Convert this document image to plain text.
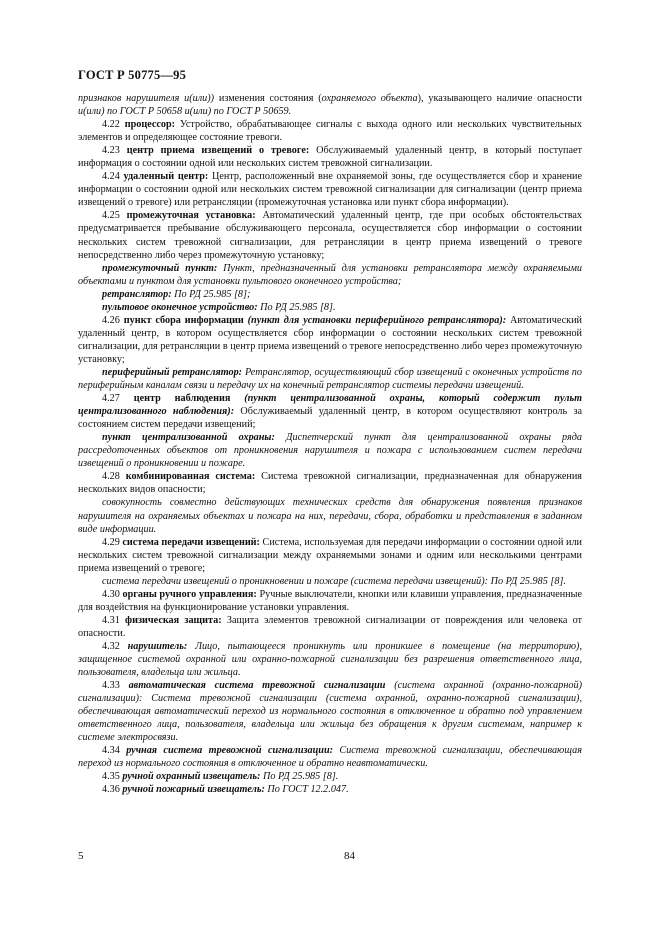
ГОСТ Р 50775—95

признаков нарушителя и(или)) изменения состояния (охраняемого объекта), указывающего наличие опасности и(или) по ГОСТ Р 50658 и(или) по ГОСТ Р 50659.

4.22 процессор: Устройство, обрабатывающее сигналы с выхода одного или нескольких чувствительных элементов и определяющее состояние тревоги.

4.23 центр приема извещений о тревоге: Обслуживаемый удаленный центр, в который поступает информация о состоянии одной или нескольких систем тревожной сигнализации.

4.24 удаленный центр: Центр, расположенный вне охраняемой зоны, где осуществляется сбор и хранение информации о состоянии одной или нескольких систем тревожной сигнализации для сигнализации (центр приема извещений о тревоге) или ретрансляции (промежуточная установка или пункт сбора информации).

4.25 промежуточная установка: Автоматический удаленный центр, где при особых обстоятельствах предусматривается пребывание обслуживающего персонала, осуществляется сбор информации о состоянии нескольких систем тревожной сигнализации, для ретрансляции в центр приема извещений о тревоге непосредственно либо через промежуточную установку;

промежуточный пункт: Пункт, предназначенный для установки ретранслятора между охраняемыми объектами и пунктом для установки пультового оконечного устройства;

ретранслятор: По РД 25.985 [8];

пультовое оконечное устройство: По РД 25.985 [8].

4.26 пункт сбора информации (пункт для установки периферийного ретранслятора): Автоматический удаленный центр, в котором осуществляется сбор информации о состоянии нескольких систем тревожной сигнализации, для ретрансляции в центр приема извещений о тревоге непосредственно либо через промежуточную установку;

периферийный ретранслятор: Ретранслятор, осуществляющий сбор извещений с оконечных устройств по периферийным каналам связи и передачу их на конечный ретранслятор системы передачи извещений.

4.27 центр наблюдения (пункт централизованной охраны, который содержит пульт централизованного наблюдения): Обслуживаемый удаленный центр, в котором осуществляют контроль за состоянием систем передачи извещений;

пункт централизованной охраны: Диспетчерский пункт для централизованной охраны ряда рассредоточенных объектов от проникновения нарушителя и пожара с использованием систем передачи извещений о проникновении и пожаре.

4.28 комбинированная система: Система тревожной сигнализации, предназначенная для обнаружения нескольких видов опасности;

совокупность совместно действующих технических средств для обнаружения появления признаков нарушителя на охраняемых объектах и пожара на них, передачи, сбора, обработки и представления в заданном виде информации.

4.29 система передачи извещений: Система, используемая для передачи информации о состоянии одной или нескольких систем тревожной сигнализации между охраняемыми зонами и одним или несколькими центрами приема извещений о тревоге;

система передачи извещений о проникновении и пожаре (система передачи извещений): По РД 25.985 [8].

4.30 органы ручного управления: Ручные выключатели, кнопки или клавиши управления, предназначенные для воздействия на функционирование установки управления.

4.31 физическая защита: Защита элементов тревожной сигнализации от повреждения или человека от опасности.

4.32 нарушитель: Лицо, пытающееся проникнуть или проникшее в помещение (на территорию), защищенное системой охранной или охранно-пожарной сигнализации без разрешения ответственного лица, пользователя, владельца или жильца.

4.33 автоматическая система тревожной сигнализации (система охранной (охранно-пожарной) сигнализации): Система тревожной сигнализации (система охранной, охранно-пожарной сигнализации), обеспечивающая автоматический переход из нормального состояния в отключенное и обратно под управлением ответственного лица, пользователя, владельца или жильца без обращения к другим системам, например к системе электросвязи.

4.34 ручная система тревожной сигнализации: Система тревожной сигнализации, обеспечивающая переход из нормального состояния в отключенное и обратно неавтоматически.

4.35 ручной охранный извещатель: По РД 25.985 [8].

4.36 ручной пожарный извещатель: По ГОСТ 12.2.047.

5	84
